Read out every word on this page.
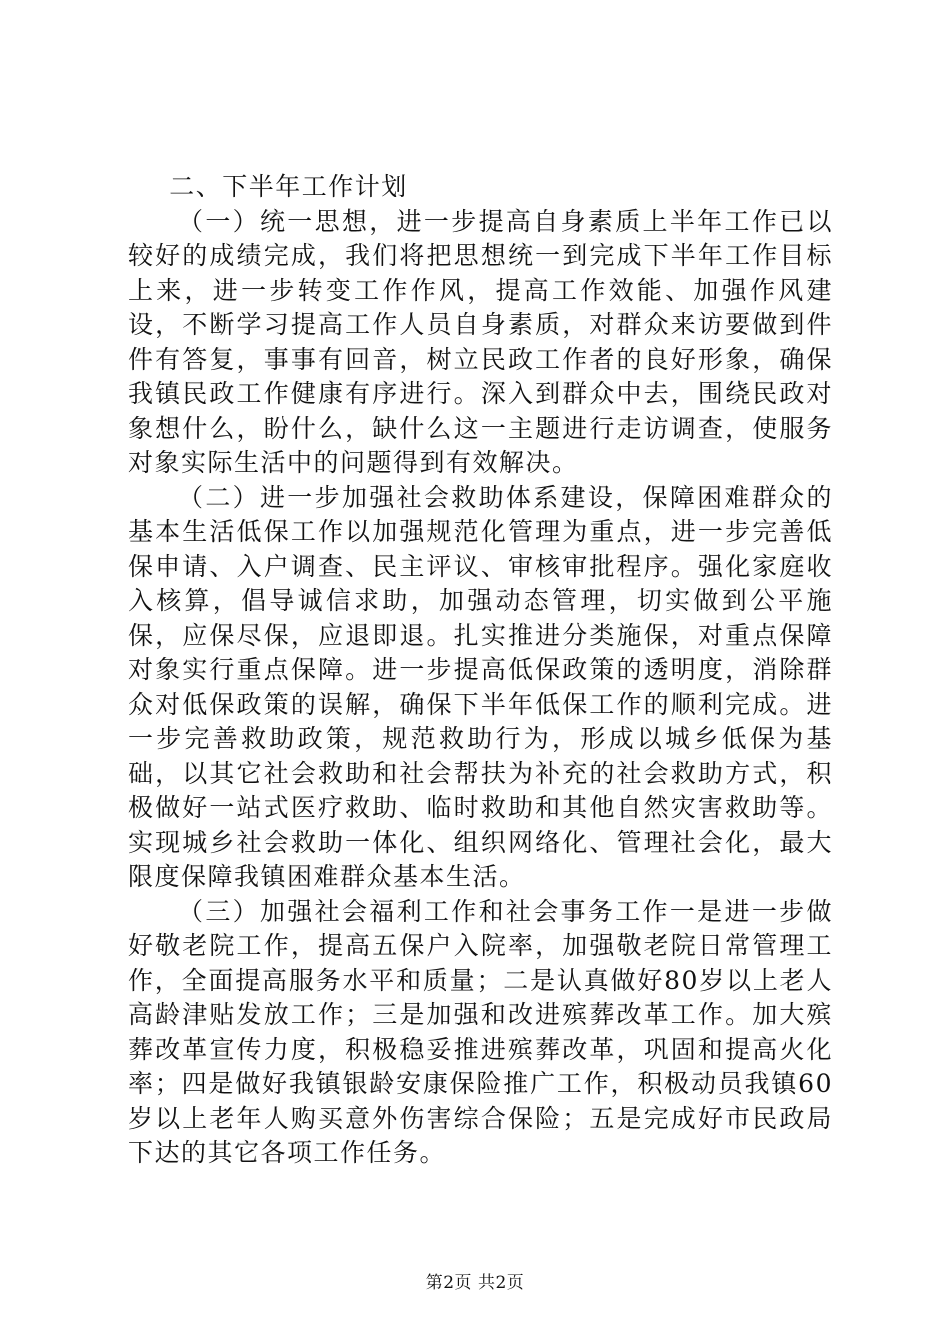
二、下半年工作计划

（一）统一思想，进一步提高自身素质上半年工作已以较好的成绩完成，我们将把思想统一到完成下半年工作目标上来，进一步转变工作作风，提高工作效能、加强作风建设，不断学习提高工作人员自身素质，对群众来访要做到件件有答复，事事有回音，树立民政工作者的良好形象，确保我镇民政工作健康有序进行。深入到群众中去，围绕民政对象想什么，盼什么，缺什么这一主题进行走访调查，使服务对象实际生活中的问题得到有效解决。

（二）进一步加强社会救助体系建设，保障困难群众的基本生活低保工作以加强规范化管理为重点，进一步完善低保申请、入户调查、民主评议、审核审批程序。强化家庭收入核算，倡导诚信求助，加强动态管理，切实做到公平施保，应保尽保，应退即退。扎实推进分类施保，对重点保障对象实行重点保障。进一步提高低保政策的透明度，消除群众对低保政策的误解，确保下半年低保工作的顺利完成。进一步完善救助政策，规范救助行为，形成以城乡低保为基础，以其它社会救助和社会帮扶为补充的社会救助方式，积极做好一站式医疗救助、临时救助和其他自然灾害救助等。实现城乡社会救助一体化、组织网络化、管理社会化，最大限度保障我镇困难群众基本生活。

（三）加强社会福利工作和社会事务工作一是进一步做好敬老院工作，提高五保户入院率，加强敬老院日常管理工作，全面提高服务水平和质量；二是认真做好80岁以上老人高龄津贴发放工作；三是加强和改进殡葬改革工作。加大殡葬改革宣传力度，积极稳妥推进殡葬改革，巩固和提高火化率；四是做好我镇银龄安康保险推广工作，积极动员我镇60岁以上老年人购买意外伤害综合保险；五是完成好市民政局下达的其它各项工作任务。

第2页 共2页
